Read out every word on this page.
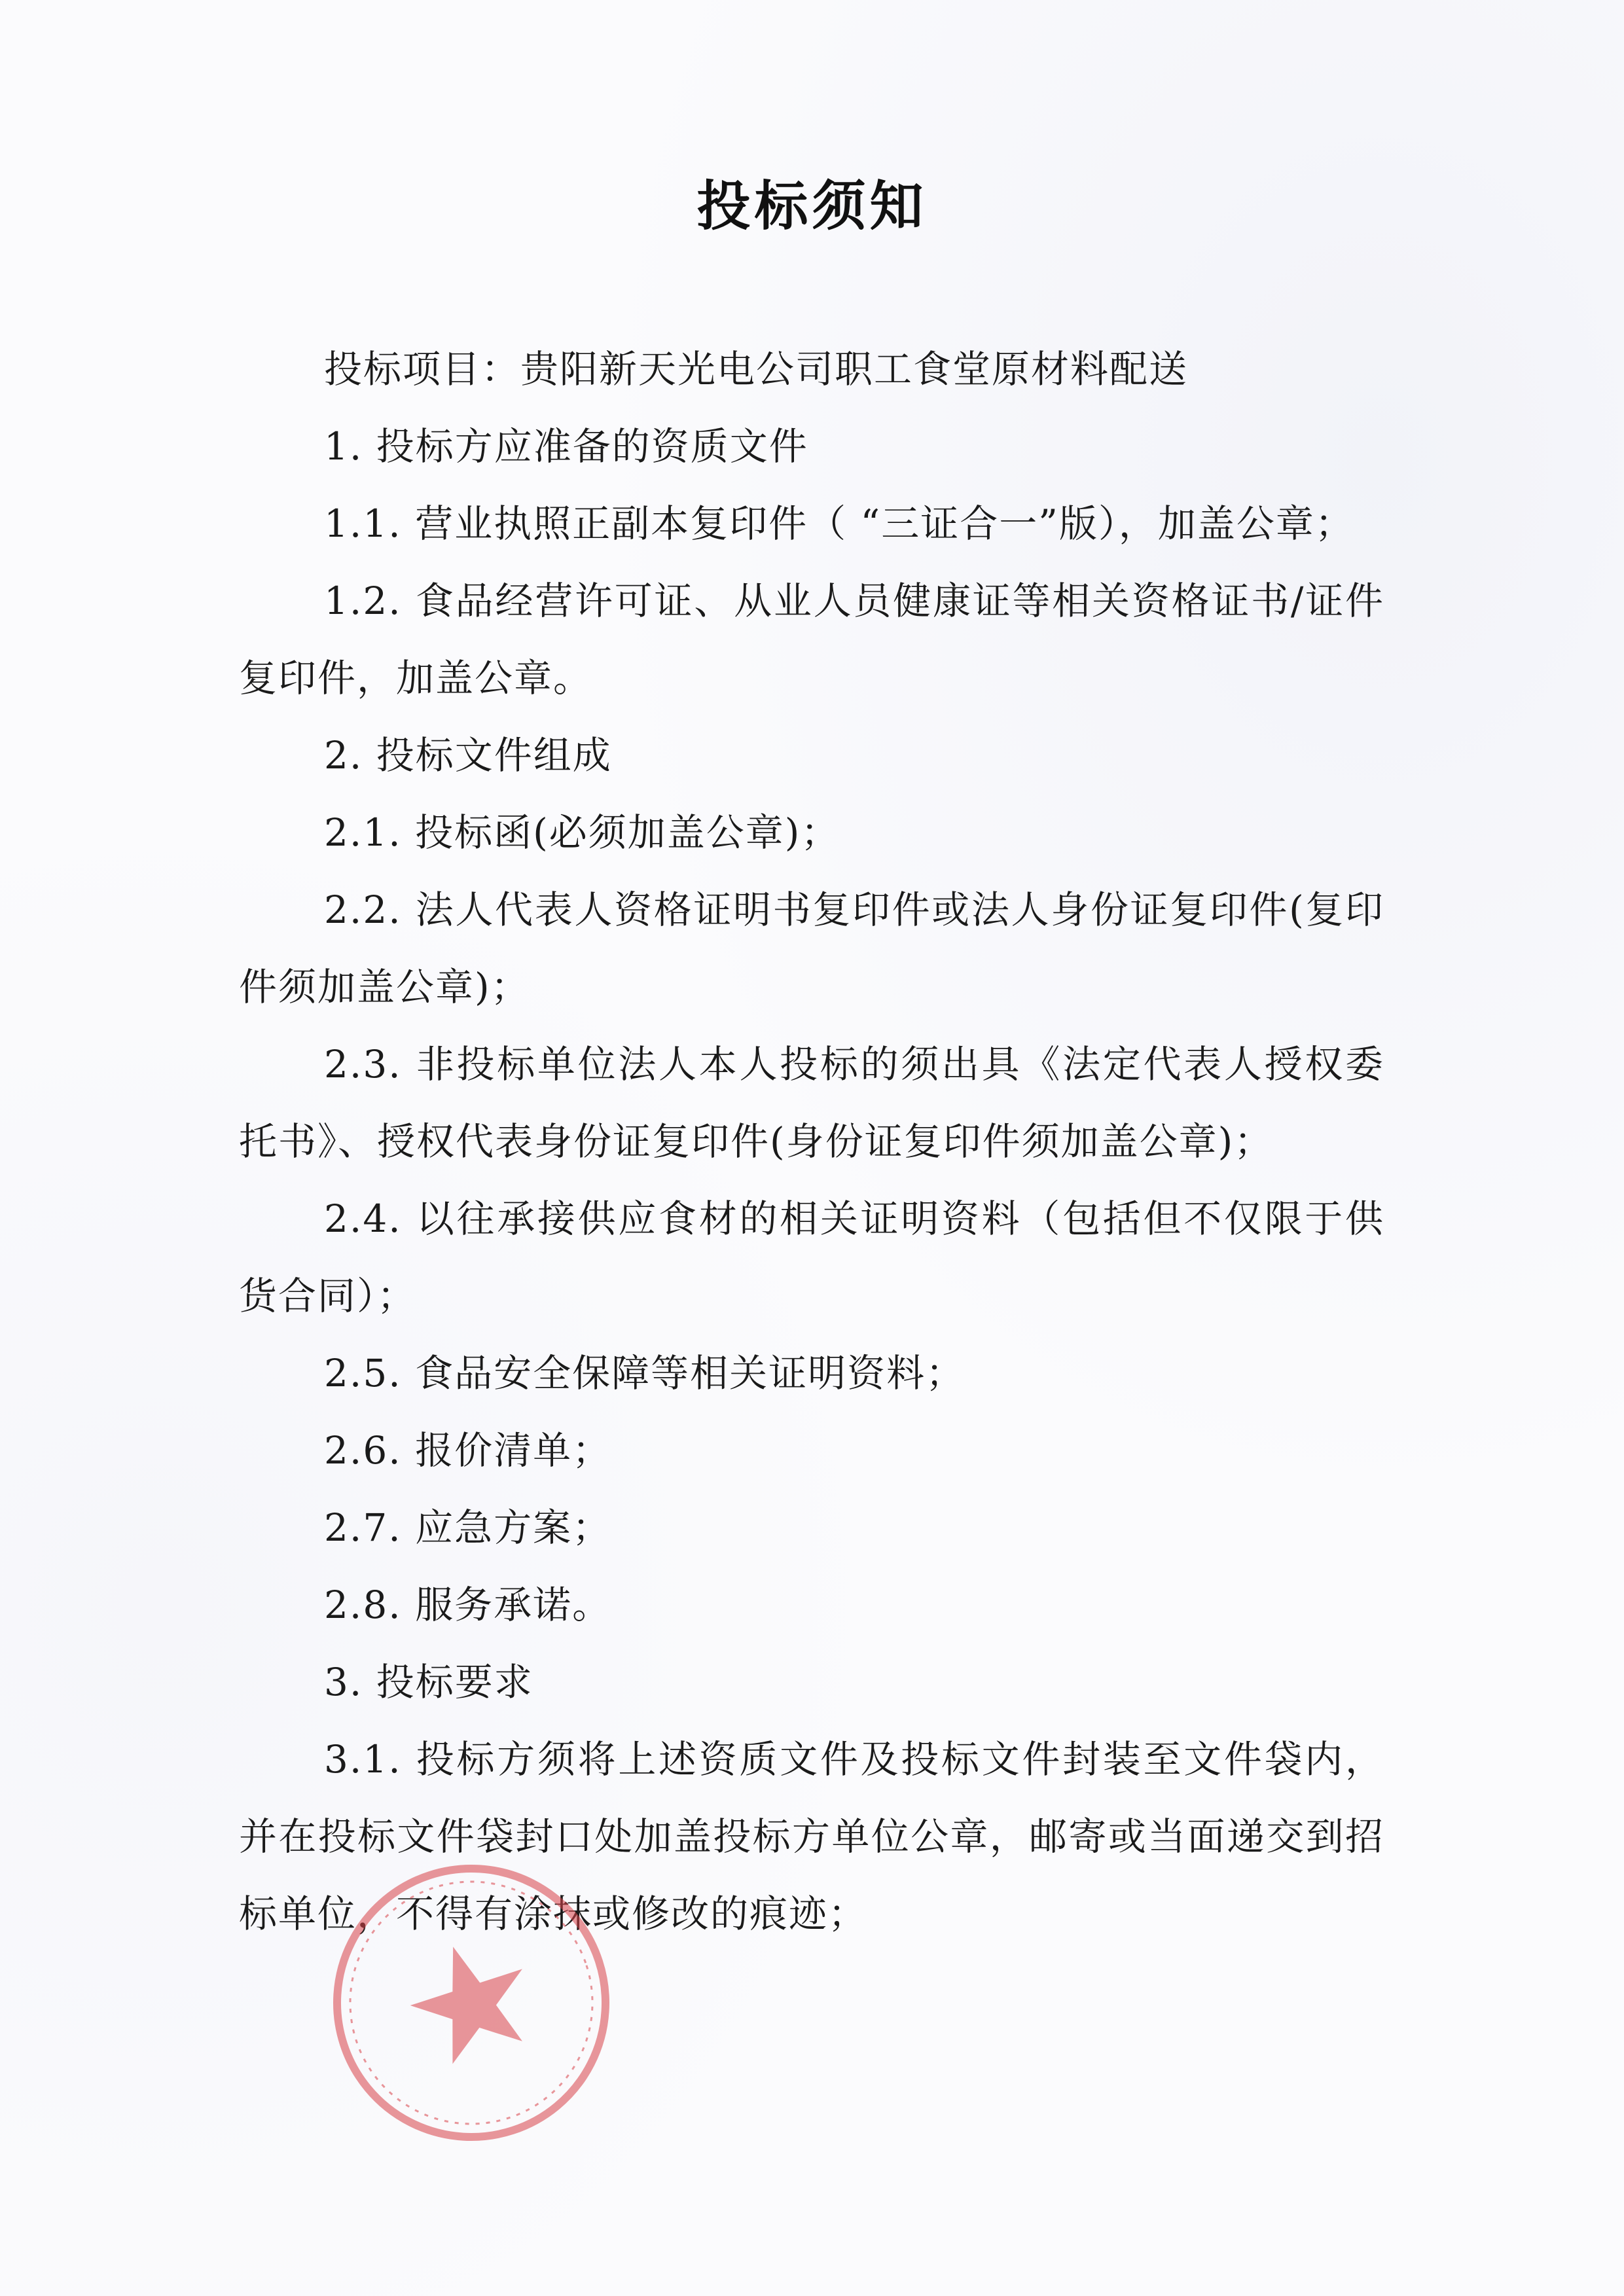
投标须知

投标项目：贵阳新天光电公司职工食堂原材料配送

1. 投标方应准备的资质文件

1.1. 营业执照正副本复印件（ “三证合一”版），加盖公章；

1.2. 食品经营许可证、从业人员健康证等相关资格证书/证件复印件，加盖公章。

2. 投标文件组成

2.1. 投标函(必须加盖公章)；

2.2. 法人代表人资格证明书复印件或法人身份证复印件(复印件须加盖公章)；

2.3. 非投标单位法人本人投标的须出具《法定代表人授权委托书》、授权代表身份证复印件(身份证复印件须加盖公章)；

2.4. 以往承接供应食材的相关证明资料（包括但不仅限于供货合同）；

2.5. 食品安全保障等相关证明资料；

2.6. 报价清单；

2.7. 应急方案；

2.8. 服务承诺。

3. 投标要求

3.1. 投标方须将上述资质文件及投标文件封装至文件袋内，并在投标文件袋封口处加盖投标方单位公章，邮寄或当面递交到招标单位，不得有涂抹或修改的痕迹；
